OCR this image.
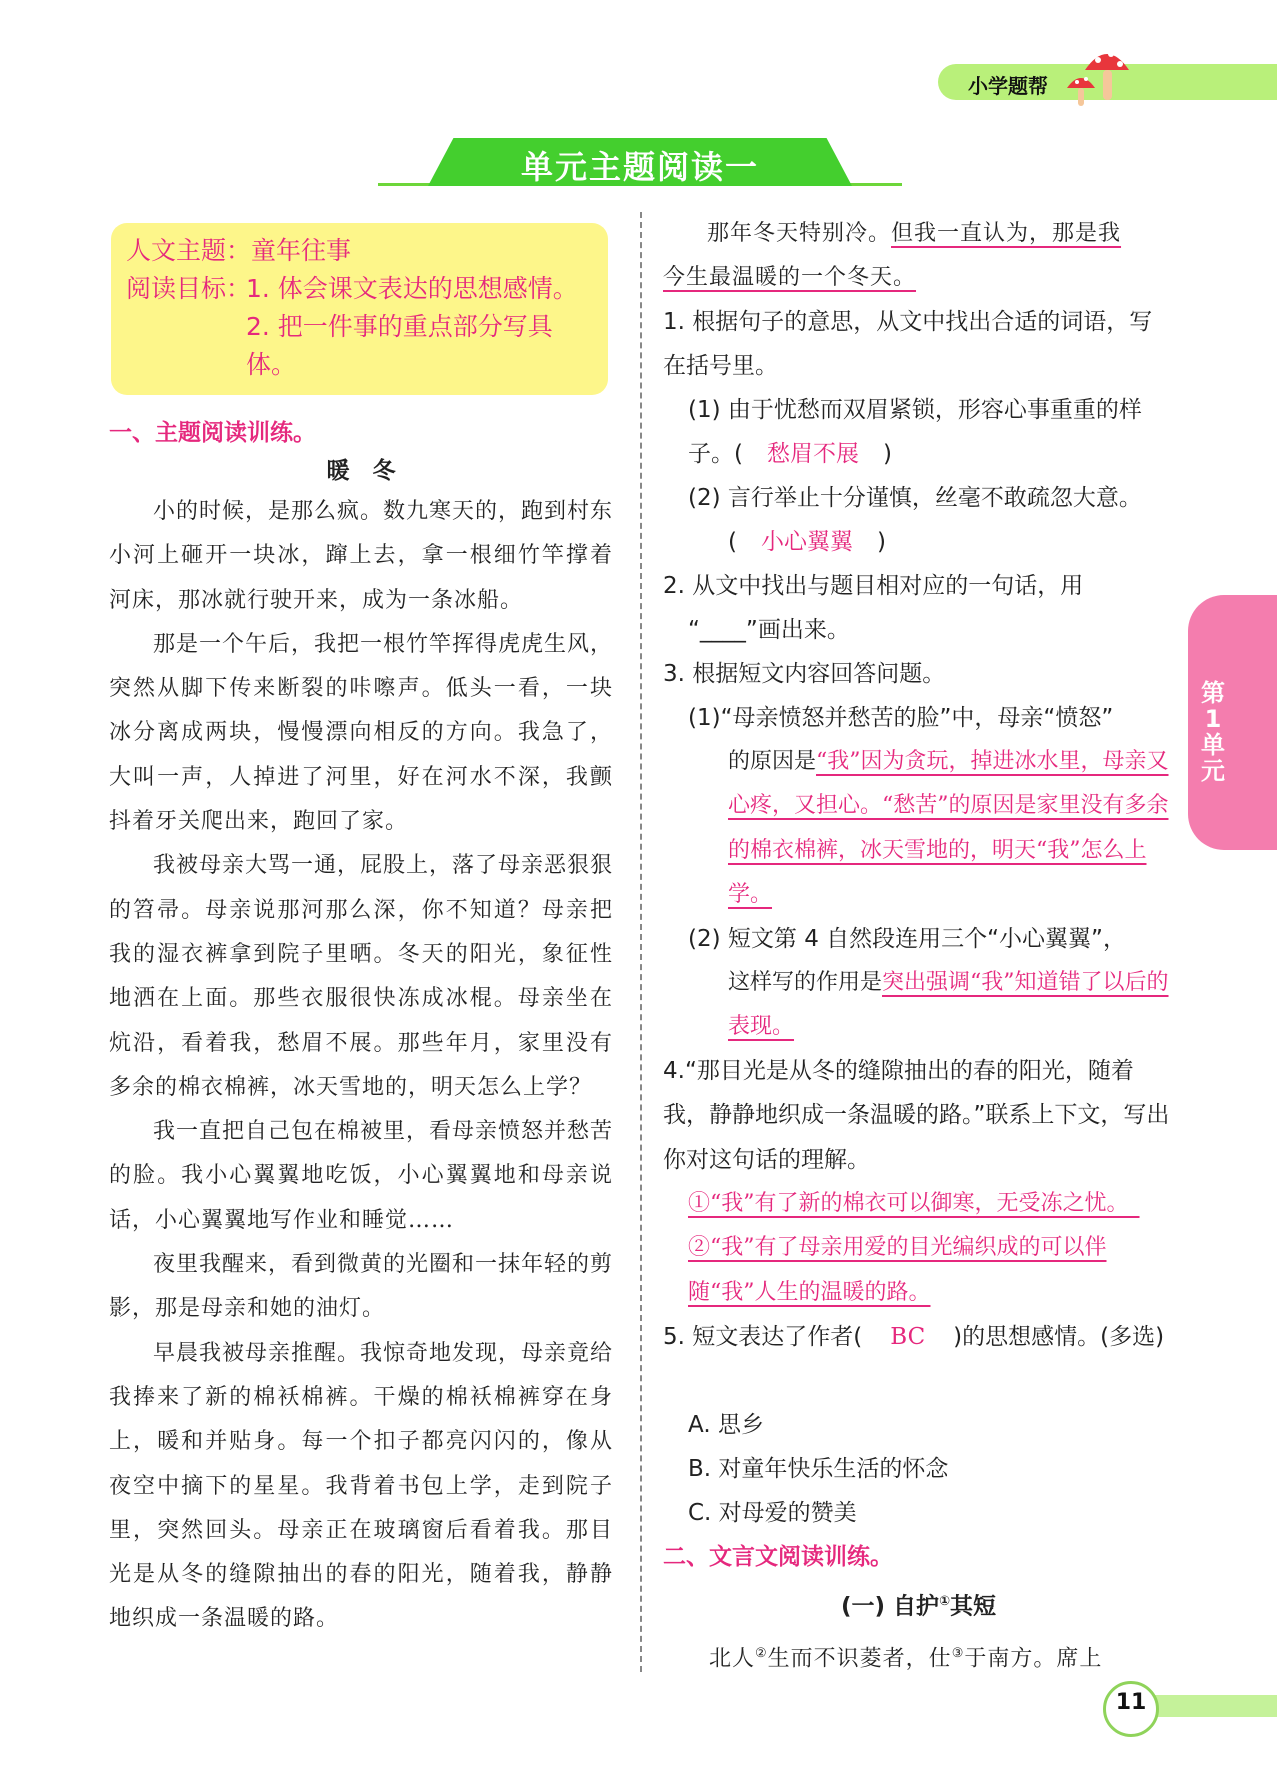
小学题帮
单元主题阅读一
人文主题：童年往事
阅读目标：
1. 体会课文表达的思想感情。
2. 把一件事的重点部分写具体。
一、主题阅读训练。
暖　冬

小的时候，是那么疯。数九寒天的，跑到村东小河上砸开一块冰，蹿上去，拿一根细竹竿撑着河床，那冰就行驶开来，成为一条冰船。

那是一个午后，我把一根竹竿挥得虎虎生风，突然从脚下传来断裂的咔嚓声。低头一看，一块冰分离成两块，慢慢漂向相反的方向。我急了，大叫一声，人掉进了河里，好在河水不深，我颤抖着牙关爬出来，跑回了家。

我被母亲大骂一通，屁股上，落了母亲恶狠狠的笤帚。母亲说那河那么深，你不知道？母亲把我的湿衣裤拿到院子里晒。冬天的阳光，象征性地洒在上面。那些衣服很快冻成冰棍。母亲坐在炕沿，看着我，愁眉不展。那些年月，家里没有多余的棉衣棉裤，冰天雪地的，明天怎么上学？

我一直把自己包在棉被里，看母亲愤怒并愁苦的脸。我小心翼翼地吃饭，小心翼翼地和母亲说话，小心翼翼地写作业和睡觉……

夜里我醒来，看到微黄的光圈和一抹年轻的剪影，那是母亲和她的油灯。

早晨我被母亲推醒。我惊奇地发现，母亲竟给我捧来了新的棉袄棉裤。干燥的棉袄棉裤穿在身上，暖和并贴身。每一个扣子都亮闪闪的，像从夜空中摘下的星星。我背着书包上学，走到院子里，突然回头。母亲正在玻璃窗后看着我。那目光是从冬的缝隙抽出的春的阳光，随着我，静静地织成一条温暖的路。

那年冬天特别冷。但我一直认为，那是我

今生最温暖的一个冬天。
1. 根据句子的意思，从文中找出合适的词语，写在括号里。
(1) 由于忧愁而双眉紧锁，形容心事重重的样子。( 愁眉不展 )
(2) 言行举止十分谨慎，丝毫不敢疏忽大意。
( 小心翼翼 )
2. 从文中找出与题目相对应的一句话，用
“____”画出来。
3. 根据短文内容回答问题。
(1)“母亲愤怒并愁苦的脸”中，母亲“愤怒”
的原因是“我”因为贪玩，掉进冰水里，母亲又心疼，又担心。“愁苦”的原因是家里没有多余的棉衣棉裤，冰天雪地的，明天“我”怎么上学。
(2) 短文第 4 自然段连用三个“小心翼翼”，
这样写的作用是突出强调“我”知道错了以后的表现。
4.“那目光是从冬的缝隙抽出的春的阳光，随着我，静静地织成一条温暖的路。”联系上下文，写出你对这句话的理解。
①“我”有了新的棉衣可以御寒，无受冻之忧。　②“我”有了母亲用爱的目光编织成的可以伴随“我”人生的温暖的路。
5. 短文表达了作者( BC )的思想感情。(多选)
A. 思乡
B. 对童年快乐生活的怀念
C. 对母爱的赞美
二、文言文阅读训练。
(一) 自护①其短
北人②生而不识菱者，仕③于南方。席上
第1单元
11
